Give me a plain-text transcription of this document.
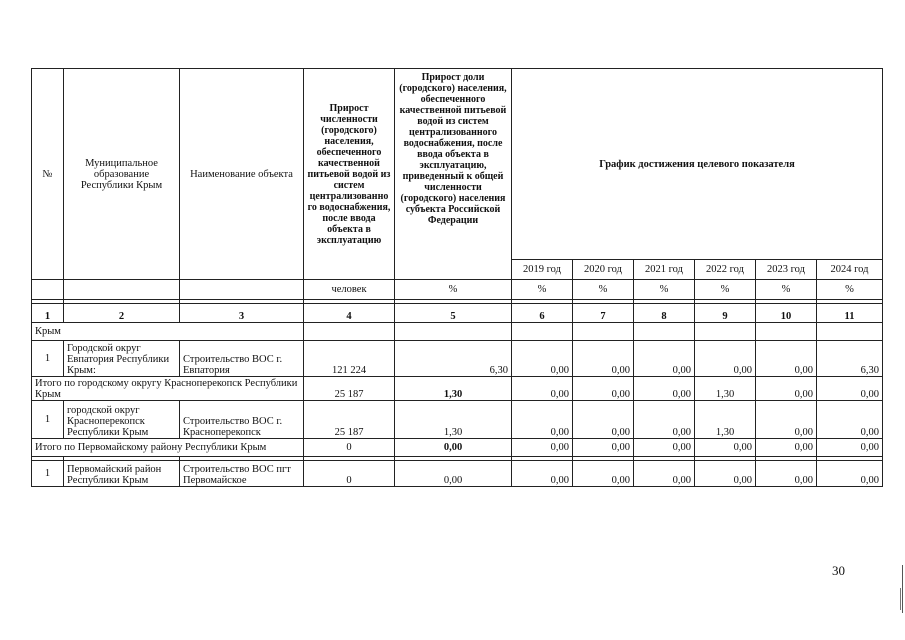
№	Муниципальное образование Республики Крым	Наименование объекта	Прирост численности (городского) населения, обеспеченного качественной питьевой водой из систем централизованно го водоснабжения, после ввода объекта в эксплуатацию	Прирост доли (городского) населения, обеспеченного качественной питьевой водой из систем централизованного водоснабжения, после ввода объекта в эксплуатацию, приведенный к общей численности (городского) населения субъекта Российской Федерации	График достижения целевого показателя					
					2019 год	2020 год	2021 год	2022 год	2023 год	2024 год
			человек	%	%	%	%	%	%	%

1	2	3	4	5	6	7	8	9	10	11
Крым										
1	Городской округ Евпатория Республики Крым:	Строительство ВОС г. Евпатория	121 224	6,30	0,00	0,00	0,00	0,00	0,00	6,30
Итого по городскому округу Красноперекопск Республики Крым			25 187	1,30	0,00	0,00	0,00	1,30	0,00	0,00
1	городской округ Красноперекопск Республики Крым	Строительство ВОС г. Красноперекопск	25 187	1,30	0,00	0,00	0,00	1,30	0,00	0,00
Итого по Первомайскому району Республики Крым			0	0,00	0,00	0,00	0,00	0,00	0,00	0,00

1	Первомайский район Республики Крым	Строительство ВОС пгт Первомайское	0	0,00	0,00	0,00	0,00	0,00	0,00	0,00
30
